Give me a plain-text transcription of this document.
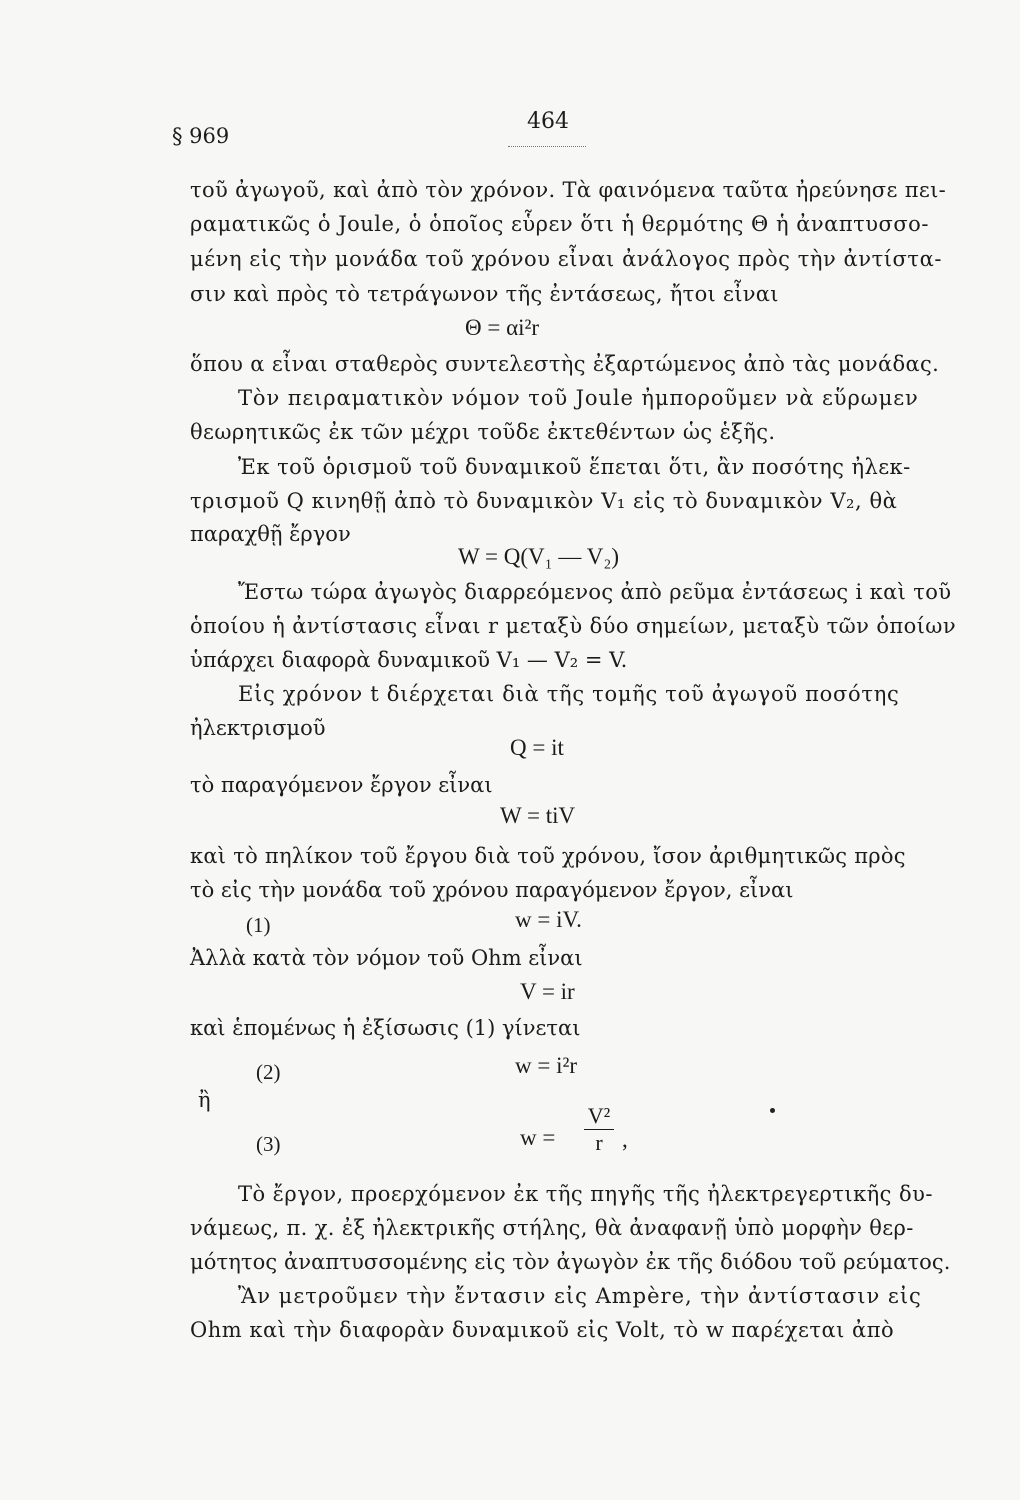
§ 969
464
τοῦ ἀγωγοῦ, καὶ ἀπὸ τὸν χρόνον. Τὰ φαινόμενα ταῦτα ἠρεύνησε πει-
ραματικῶς ὁ Joule, ὁ ὁποῖος εὗρεν ὅτι ἡ θερμότης Θ ἡ ἀναπτυσσο-
μένη εἰς τὴν μονάδα τοῦ χρόνου εἶναι ἀνάλογος πρὸς τὴν ἀντίστα-
σιν καὶ πρὸς τὸ τετράγωνον τῆς ἐντάσεως, ἤτοι εἶναι
Θ = αi²r
ὅπου α εἶναι σταθερὸς συντελεστὴς ἐξαρτώμενος ἀπὸ τὰς μονάδας.
Τὸν πειραματικὸν νόμον τοῦ Joule ἠμποροῦμεν νὰ εὕρωμεν
θεωρητικῶς ἐκ τῶν μέχρι τοῦδε ἐκτεθέντων ὡς ἑξῆς.
Ἐκ τοῦ ὁρισμοῦ τοῦ δυναμικοῦ ἕπεται ὅτι, ἂν ποσότης ἠλεκ-
τρισμοῦ Q κινηθῇ ἀπὸ τὸ δυναμικὸν V₁ εἰς τὸ δυναμικὸν V₂, θὰ
παραχθῇ ἔργον
W = Q(V₁ — V₂)
Ἔστω τώρα ἀγωγὸς διαρρεόμενος ἀπὸ ρεῦμα ἐντάσεως i καὶ τοῦ
ὁποίου ἡ ἀντίστασις εἶναι r μεταξὺ δύο σημείων, μεταξὺ τῶν ὁποίων
ὑπάρχει διαφορὰ δυναμικοῦ V₁ — V₂ = V.
Εἰς χρόνον t διέρχεται διὰ τῆς τομῆς τοῦ ἀγωγοῦ ποσότης
ἠλεκτρισμοῦ
Q = it
τὸ παραγόμενον ἔργον εἶναι
W = tiV
καὶ τὸ πηλίκον τοῦ ἔργου διὰ τοῦ χρόνου, ἴσον ἀριθμητικῶς πρὸς
τὸ εἰς τὴν μονάδα τοῦ χρόνου παραγόμενον ἔργον, εἶναι
(1)	w = iV.
Ἀλλὰ κατὰ τὸν νόμον τοῦ Ohm εἶναι
V = ir
καὶ ἑπομένως ἡ ἐξίσωσις (1) γίνεται
(2)	w = i²r
ἢ
(3)	w =
V²
r ,
Τὸ ἔργον, προερχόμενον ἐκ τῆς πηγῆς τῆς ἠλεκτρεγερτικῆς δυ-
νάμεως, π. χ. ἐξ ἠλεκτρικῆς στήλης, θὰ ἀναφανῇ ὑπὸ μορφὴν θερ-
μότητος ἀναπτυσσομένης εἰς τὸν ἀγωγὸν ἐκ τῆς διόδου τοῦ ρεύματος.
Ἂν μετροῦμεν τὴν ἔντασιν εἰς Ampère, τὴν ἀντίστασιν εἰς
Ohm καὶ τὴν διαφορὰν δυναμικοῦ εἰς Volt, τὸ w παρέχεται ἀπὸ
